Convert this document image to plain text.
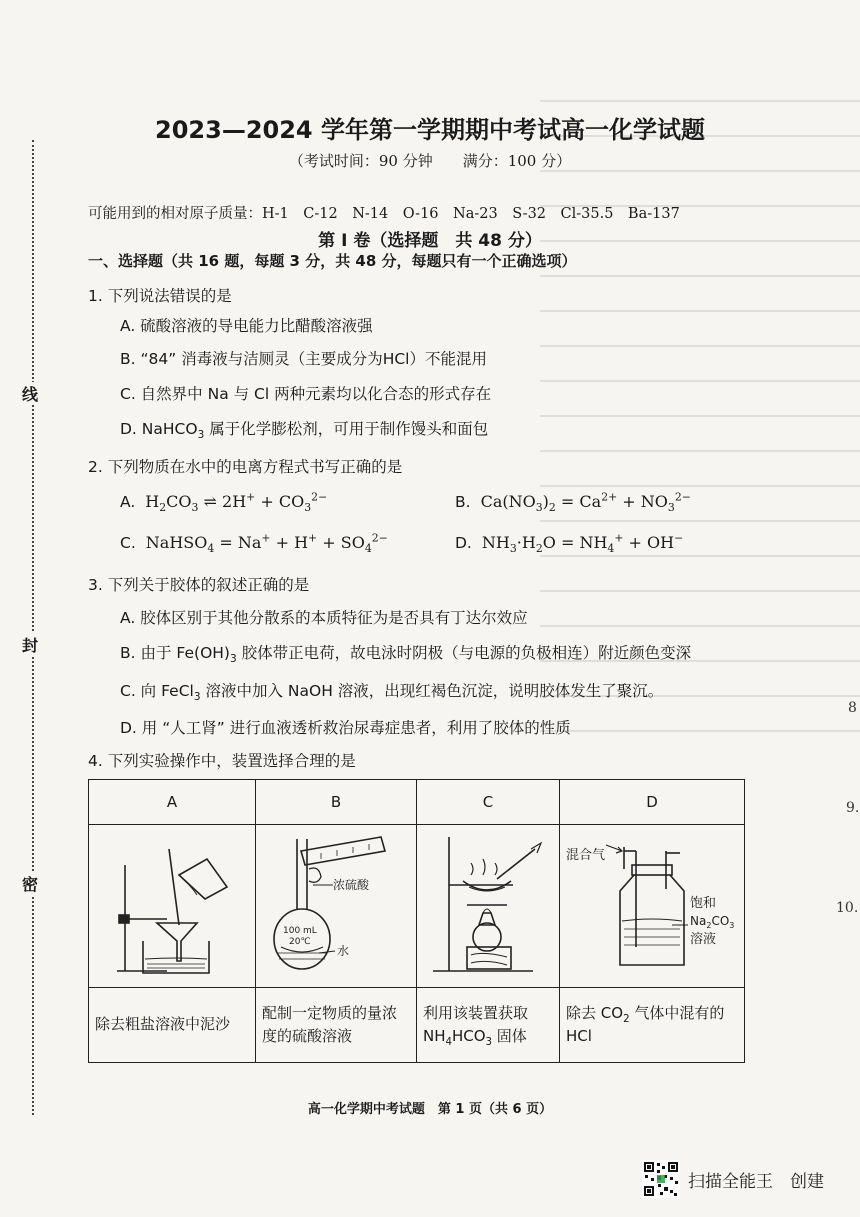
线
封
密
2023—2024 学年第一学期期中考试高一化学试题
（考试时间：90 分钟　　满分：100 分）
可能用到的相对原子质量：H-1　C-12　N-14　O-16　Na-23　S-32　Cl-35.5　Ba-137
第 I 卷（选择题　共 48 分）
一、选择题（共 16 题，每题 3 分，共 48 分，每题只有一个正确选项）
1. 下列说法错误的是
A. 硫酸溶液的导电能力比醋酸溶液强
B. “84” 消毒液与洁厕灵（主要成分为HCl）不能混用
C. 自然界中 Na 与 Cl 两种元素均以化合态的形式存在
D. NaHCO$_3$ 属于化学膨松剂，可用于制作馒头和面包
2. 下列物质在水中的电离方程式书写正确的是
A.  $H_2CO_3$ ⇌ $2H^+ + CO_3^{2-}$	B.  $Ca(NO_3)_2 = Ca^{2+} + NO_3^{2-}$
C.  NaHSO$_4$ = $Na^+ + H^+ + SO_4^{2-}$	D.  $NH_3\cdot H_2O = NH_4^+ + OH^-$
3. 下列关于胶体的叙述正确的是
A. 胶体区别于其他分散系的本质特征为是否具有丁达尔效应
B. 由于 $Fe(OH)_3$ 胶体带正电荷，故电泳时阴极（与电源的负极相连）附近颜色变深
C. 向 FeCl$_3$ 溶液中加入 NaOH 溶液，出现红褐色沉淀，说明胶体发生了聚沉。
D. 用 “人工肾” 进行血液透析救治尿毒症患者，利用了胶体的性质
4. 下列实验操作中，装置选择合理的是
A	B	C	D

浓硫酸
100 mL
20℃
水		混合气
饱和
$Na_2CO_3$
溶液

除去粗盐溶液中泥沙	配制一定物质的量浓度的硫酸溶液	利用该装置获取 $NH_4HCO_3$ 固体	除去 $CO_2$ 气体中混有的 HCl
8
9.
10.
高一化学期中考试题　第 1 页（共 6 页）
扫描全能王　创建
